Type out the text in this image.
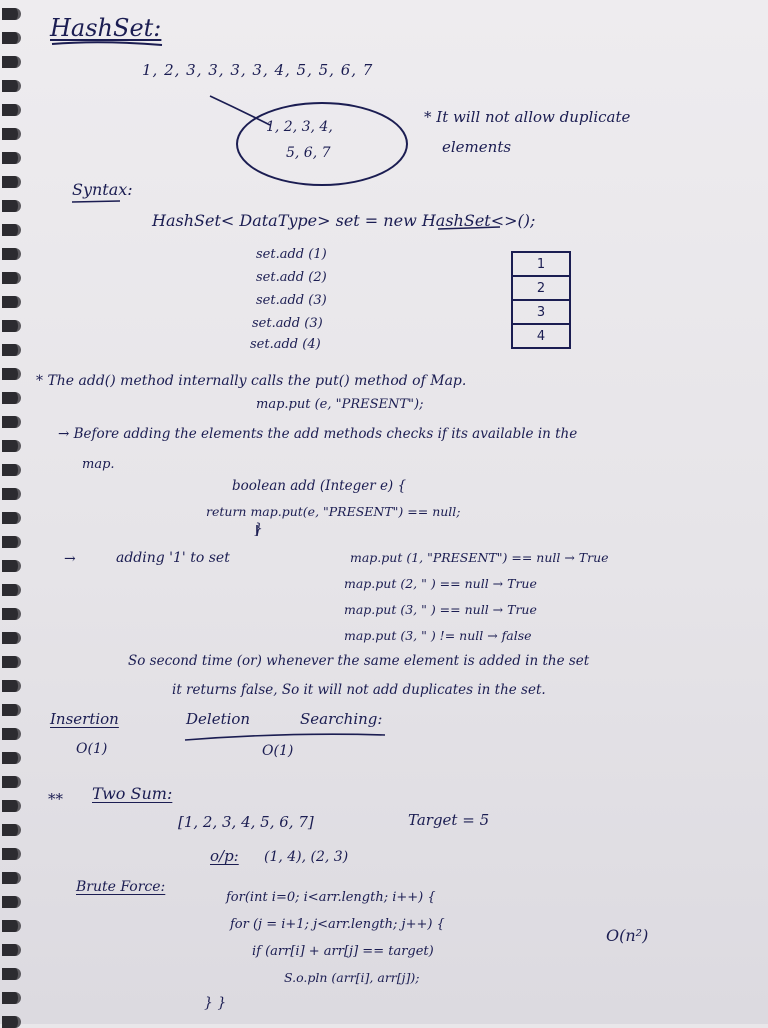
HashSet:
1, 2, 3, 3, 3, 3, 4, 5, 5, 6, 7
1, 2, 3, 4,
5, 6, 7
* It will not allow duplicate
elements
Syntax:
HashSet< DataType> set = new HashSet<>();
set.add (1)
set.add (2)
set.add (3)
set.add (3)
set.add (4)
1
2
3
4
* The add() method internally calls the put() method of Map.
map.put (e, "PRESENT");
→ Before adding the elements the add methods checks if its available in the
map.
boolean add (Integer e) {
return map.put(e, "PRESENT") == null;
}
→	adding '1' to set	map.put (1, "PRESENT") == null → True
map.put (2, " ) == null → True
map.put (3, " ) == null → True
map.put (3, " ) != null → false
So second time (or) whenever the same element is added in the set
it returns false, So it will not add duplicates in the set.
Insertion	Deletion	Searching:
O(1)	O(1)
** Two Sum:
[1, 2, 3, 4, 5, 6, 7]	Target = 5
o/p: (1, 4), (2, 3)
Brute Force:
for(int i=0; i<arr.length; i++) {
for (j = i+1; j<arr.length; j++) {
if (arr[i] + arr[j] == target)
S.o.pln (arr[i], arr[j]);
} }
O(n²)
